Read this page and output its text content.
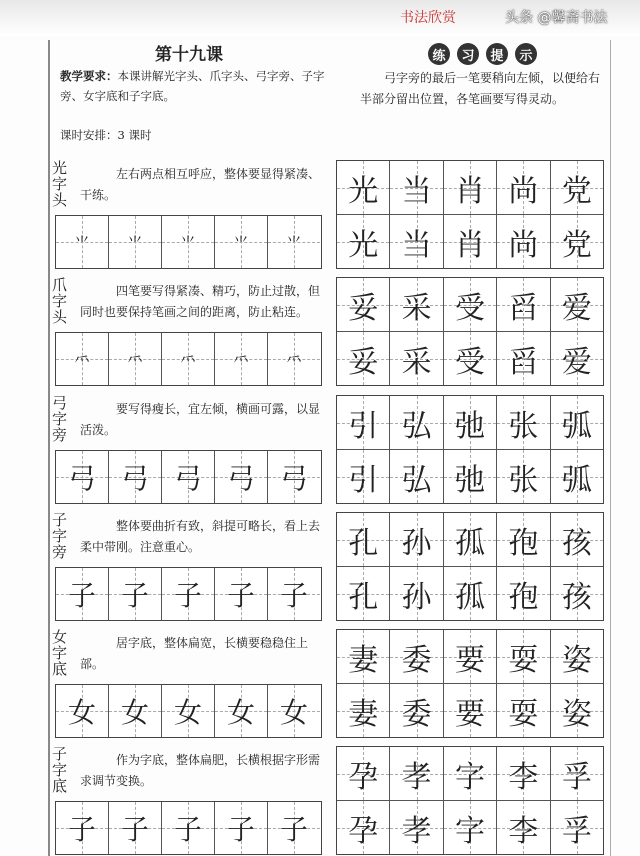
第十九课
教学要求：本课讲解光字头、爪字头、弓字旁、子字旁、女字底和子字底。
课时安排：3 课时
练	习	提	示
弓字旁的最后一笔要稍向左倾，以便给右半部分留出位置，各笔画要写得灵动。
光字头
左右两点相互呼应，整体要显得紧凑、干练。
⺌	⺌	⺌	⺌	⺌
光 当 肖 尚 党
光 当 肖 尚 党
爪字头
四笔要写得紧凑、精巧，防止过散，但同时也要保持笔画之间的距离，防止粘连。
⺤	⺤	⺤	⺤	⺤
妥 采 受 舀 爱
妥 采 受 舀 爱
弓字旁
要写得瘦长，宜左倾，横画可露，以显活泼。
弓 弓 弓 弓 弓
引 弘 弛 张 弧
引 弘 弛 张 弧
子字旁
整体要曲折有致，斜提可略长，看上去柔中带刚。注意重心。
子 子 子 子 子
孔 孙 孤 孢 孩
孔 孙 孤 孢 孩
女字底
居字底，整体扁宽，长横要稳稳住上部。
女 女 女 女 女
妻 委 要 耍 姿
妻 委 要 耍 姿
子字底
作为字底，整体扁肥，长横根据字形需求调节变换。
子 子 子 子 子
孕 孝 字 李 孚
孕 孝 字 李 孚
书法欣赏	头条 @馨斋书法
